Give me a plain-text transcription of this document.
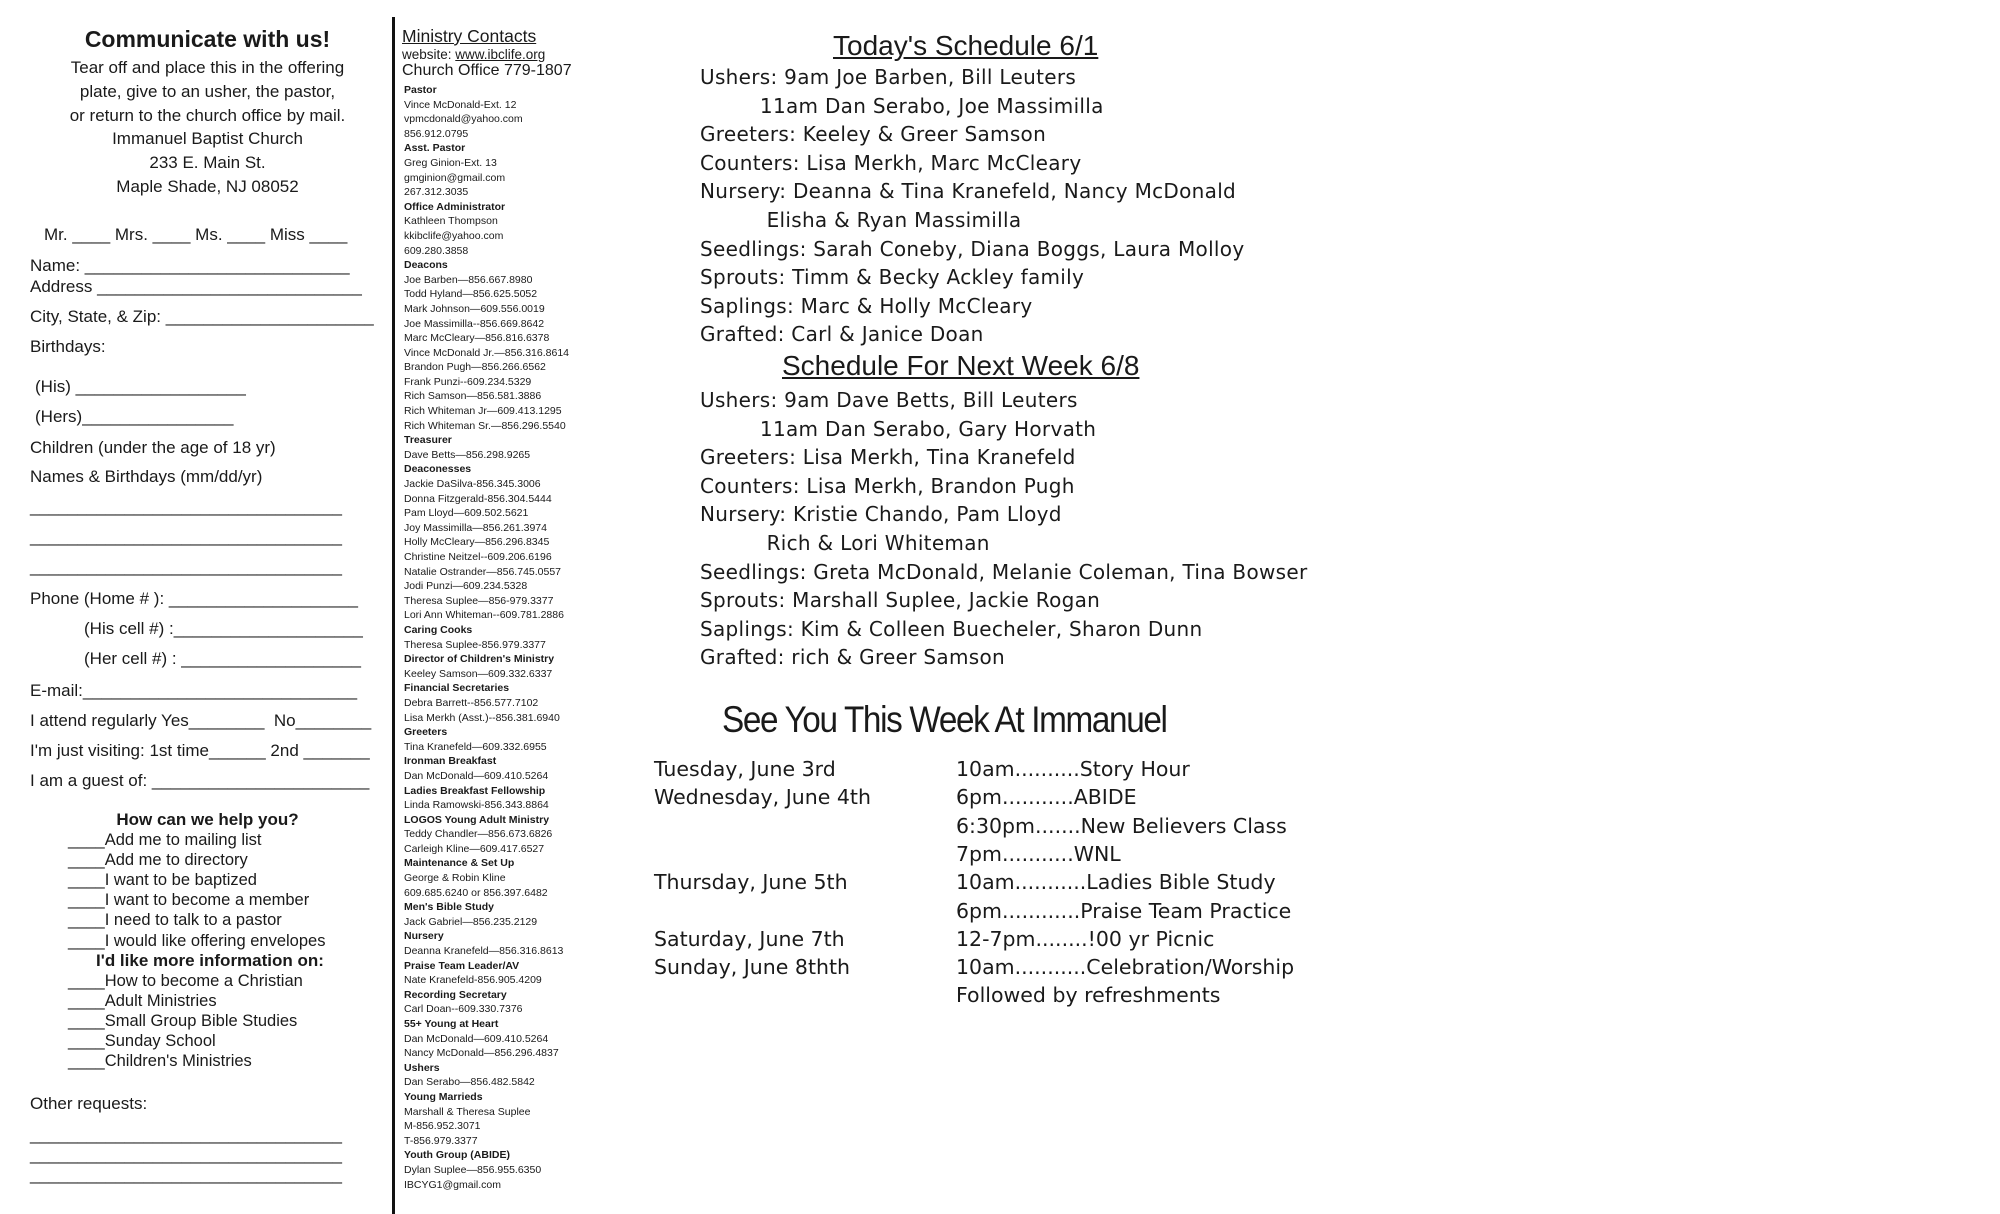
Communicate with us!
Tear off and place this in the offering
plate, give to an usher, the pastor,
or return to the church office by mail.
Immanuel Baptist Church
233 E. Main St.
Maple Shade, NJ 08052
Mr. ____ Mrs. ____ Ms. ____ Miss ____
Name: ____________________________
Address ____________________________
City, State, & Zip: ______________________
Birthdays:
(His) __________________
(Hers)________________
Children (under the age of 18 yr)
Names & Birthdays (mm/dd/yr)
_________________________________
_________________________________
_________________________________
Phone (Home # ): ____________________
(His cell #) :____________________
(Her cell #) : ___________________
E-mail:_____________________________
I attend regularly Yes________  No________
I'm just visiting: 1st time______ 2nd _______
I am a guest of: _______________________
How can we help you?
____Add me to mailing list
____Add me to directory
____I want to be baptized
____I want to become a member
____I need to talk to a pastor
____I would like offering envelopes
I'd like more information on:
____How to become a Christian
____Adult Ministries
____Small Group Bible Studies
____Sunday School
____Children's Ministries
Other requests:
_________________________________
_________________________________
_________________________________
Ministry Contacts
website: www.ibclife.org
Church Office 779-1807
Pastor
Vince McDonald-Ext. 12
vpmcdonald@yahoo.com
856.912.0795
Asst. Pastor
Greg Ginion-Ext. 13
gmginion@gmail.com
267.312.3035
Office Administrator
Kathleen Thompson
kkibclife@yahoo.com
609.280.3858
Deacons
Joe Barben—856.667.8980
Todd Hyland—856.625.5052
Mark Johnson—609.556.0019
Joe Massimilla--856.669.8642
Marc McCleary—856.816.6378
Vince McDonald Jr.—856.316.8614
Brandon Pugh—856.266.6562
Frank Punzi--609.234.5329
Rich Samson—856.581.3886
Rich Whiteman Jr—609.413.1295
Rich Whiteman Sr.—856.296.5540
Treasurer
Dave Betts—856.298.9265
Deaconesses
Jackie DaSilva-856.345.3006
Donna Fitzgerald-856.304.5444
Pam Lloyd—609.502.5621
Joy Massimilla—856.261.3974
Holly McCleary—856.296.8345
Christine Neitzel--609.206.6196
Natalie Ostrander—856.745.0557
Jodi Punzi—609.234.5328
Theresa Suplee—856-979.3377
Lori Ann Whiteman--609.781.2886
Caring Cooks
Theresa Suplee-856.979.3377
Director of Children's Ministry
Keeley Samson—609.332.6337
Financial Secretaries
Debra Barrett--856.577.7102
Lisa Merkh (Asst.)--856.381.6940
Greeters
Tina Kranefeld—609.332.6955
Ironman Breakfast
Dan McDonald—609.410.5264
Ladies Breakfast Fellowship
Linda Ramowski-856.343.8864
LOGOS Young Adult Ministry
Teddy Chandler—856.673.6826
Carleigh Kline—609.417.6527
Maintenance & Set Up
George & Robin Kline
609.685.6240 or 856.397.6482
Men's Bible Study
Jack Gabriel—856.235.2129
Nursery
Deanna Kranefeld—856.316.8613
Praise Team Leader/AV
Nate Kranefeld-856.905.4209
Recording Secretary
Carl Doan--609.330.7376
55+ Young at Heart
Dan McDonald—609.410.5264
Nancy McDonald—856.296.4837
Ushers
Dan Serabo—856.482.5842
Young Marrieds
Marshall & Theresa Suplee
M-856.952.3071
T-856.979.3377
Youth Group (ABIDE)
Dylan Suplee—856.955.6350
IBCYG1@gmail.com
Today's Schedule 6/1
Ushers: 9am Joe Barben, Bill Leuters
11am Dan Serabo, Joe Massimilla
Greeters: Keeley & Greer Samson
Counters: Lisa Merkh, Marc McCleary
Nursery: Deanna & Tina Kranefeld, Nancy McDonald
Elisha & Ryan Massimilla
Seedlings: Sarah Coneby, Diana Boggs, Laura Molloy
Sprouts: Timm & Becky Ackley family
Saplings: Marc & Holly McCleary
Grafted: Carl & Janice Doan
Schedule For Next Week 6/8
Ushers: 9am Dave Betts, Bill Leuters
11am Dan Serabo, Gary Horvath
Greeters: Lisa Merkh, Tina Kranefeld
Counters: Lisa Merkh, Brandon Pugh
Nursery: Kristie Chando, Pam Lloyd
Rich & Lori Whiteman
Seedlings: Greta McDonald, Melanie Coleman, Tina Bowser
Sprouts: Marshall Suplee, Jackie Rogan
Saplings: Kim & Colleen Buecheler, Sharon Dunn
Grafted: rich & Greer Samson
See You This Week At Immanuel
Tuesday, June 3rd
Wednesday, June 4th
Thursday, June 5th
Saturday, June 7th
Sunday, June 8thth
10am..........Story Hour
6pm...........ABIDE
6:30pm.......New Believers Class
7pm...........WNL
10am...........Ladies Bible Study
6pm............Praise Team Practice
12-7pm........!00 yr Picnic
10am...........Celebration/Worship
Followed by refreshments
